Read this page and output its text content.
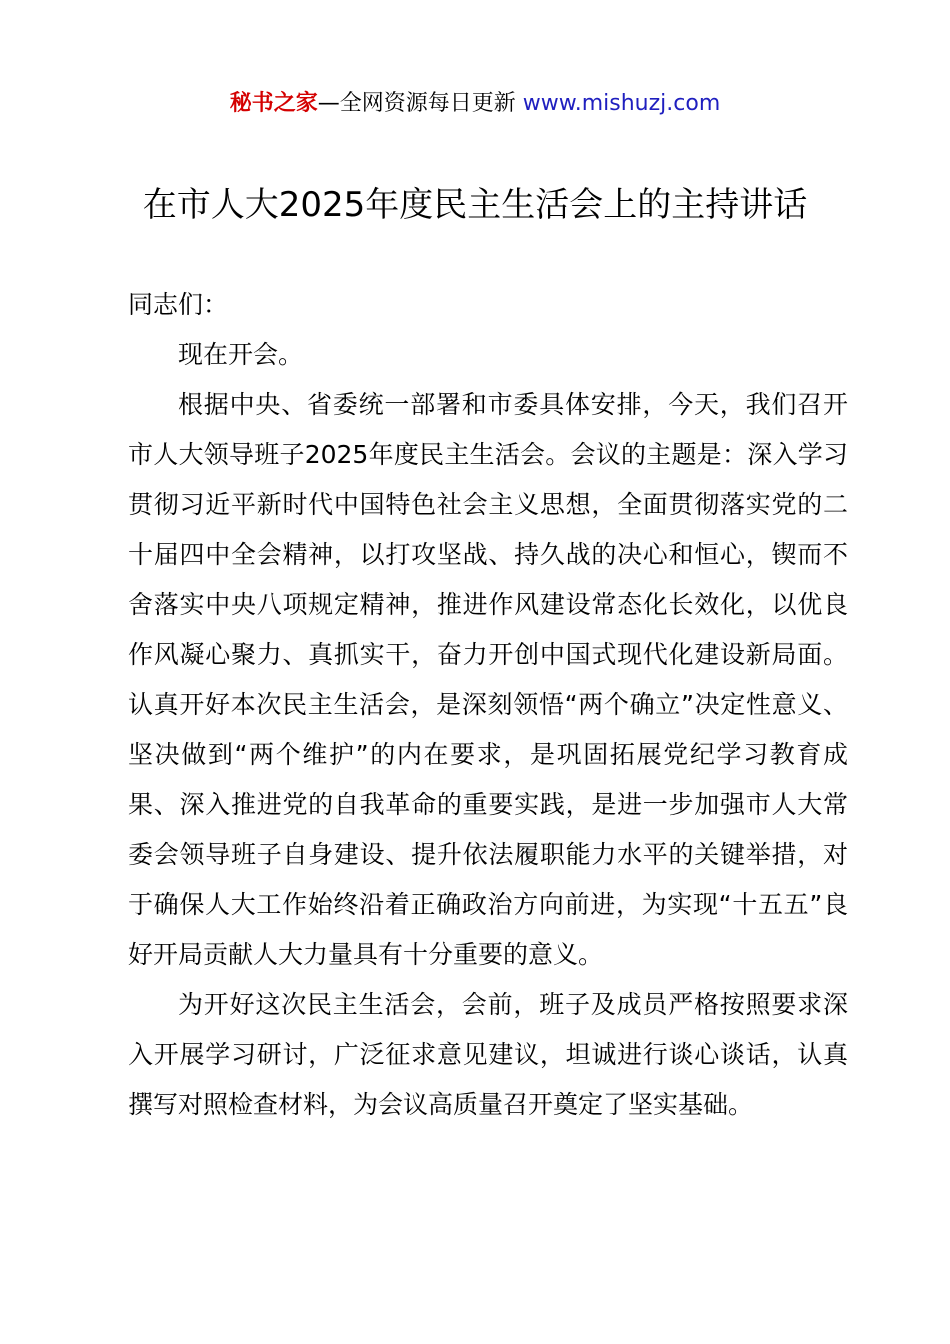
秘书之家—全网资源每日更新 www.mishuzj.com
在市人大2025年度民主生活会上的主持讲话

同志们：

现在开会。

根据中央、省委统一部署和市委具体安排，今天，我们召开市人大领导班子2025年度民主生活会。会议的主题是：深入学习贯彻习近平新时代中国特色社会主义思想，全面贯彻落实党的二十届四中全会精神，以打攻坚战、持久战的决心和恒心，锲而不舍落实中央八项规定精神，推进作风建设常态化长效化，以优良作风凝心聚力、真抓实干，奋力开创中国式现代化建设新局面。认真开好本次民主生活会，是深刻领悟“两个确立”决定性意义、坚决做到“两个维护”的内在要求，是巩固拓展党纪学习教育成果、深入推进党的自我革命的重要实践，是进一步加强市人大常委会领导班子自身建设、提升依法履职能力水平的关键举措，对于确保人大工作始终沿着正确政治方向前进，为实现“十五五”良好开局贡献人大力量具有十分重要的意义。

为开好这次民主生活会，会前，班子及成员严格按照要求深入开展学习研讨，广泛征求意见建议，坦诚进行谈心谈话，认真撰写对照检查材料，为会议高质量召开奠定了坚实基础。
